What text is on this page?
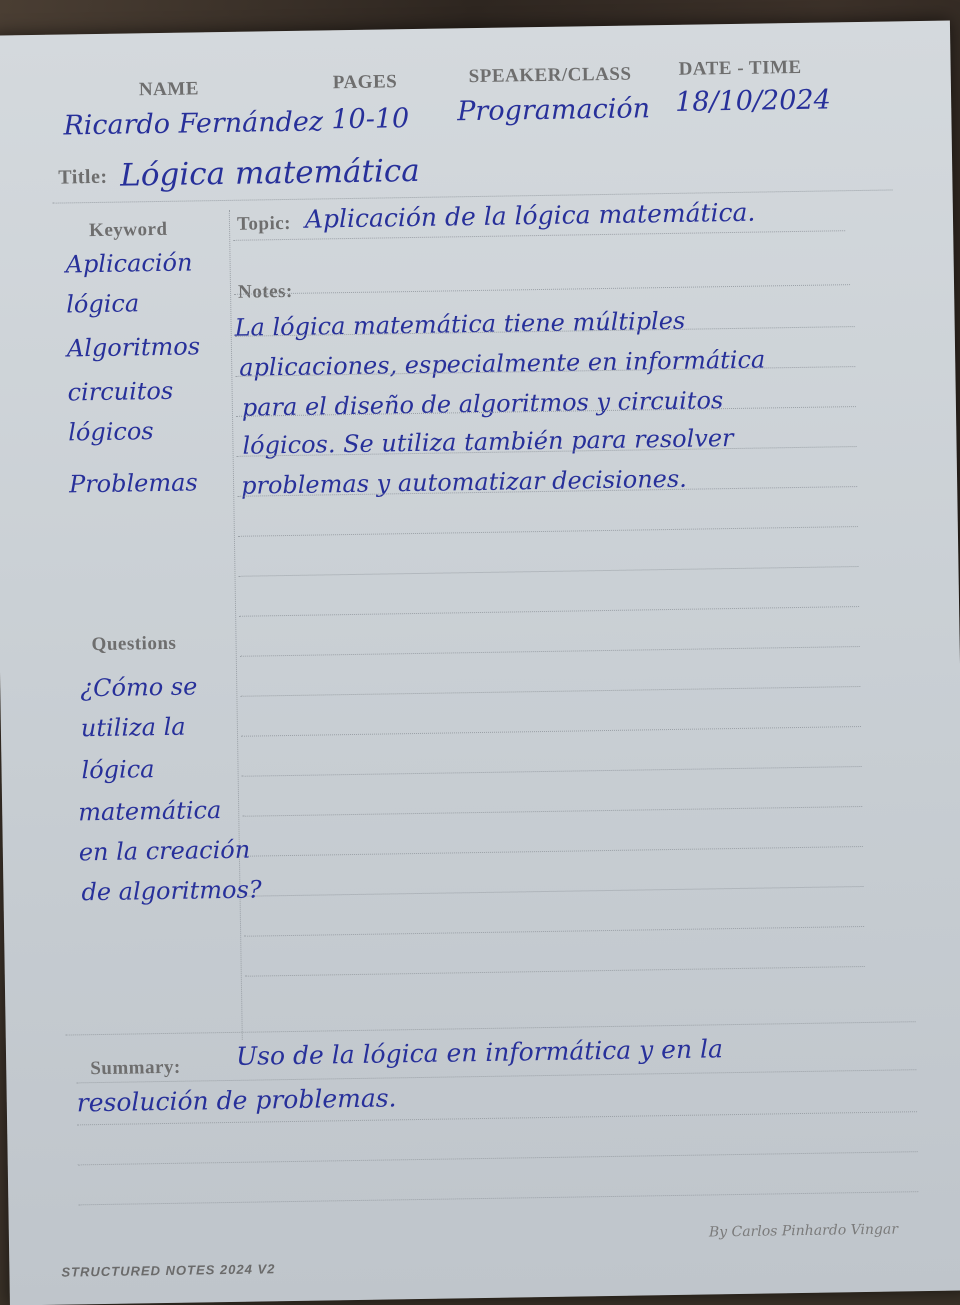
NAME	PAGES	SPEAKER/CLASS DATE - TIME
Ricardo Fernández 10-10 Programación 18/10/2024
Title: Lógica matemática
Keyword
Aplicación
lógica
Algoritmos
circuitos
lógicos
Problemas
Topic: Aplicación de la lógica matemática.
Notes:
La lógica matemática tiene múltiples
aplicaciones, especialmente en informática
para el diseño de algoritmos y circuitos
lógicos. Se utiliza también para resolver
problemas y automatizar decisiones.
Questions
¿Cómo se
utiliza la
lógica
matemática
en la creación
de algoritmos?
Summary: Uso de la lógica en informática y en la
resolución de problemas.
STRUCTURED NOTES 2024 V2
By Carlos Pinhardo Vingar
